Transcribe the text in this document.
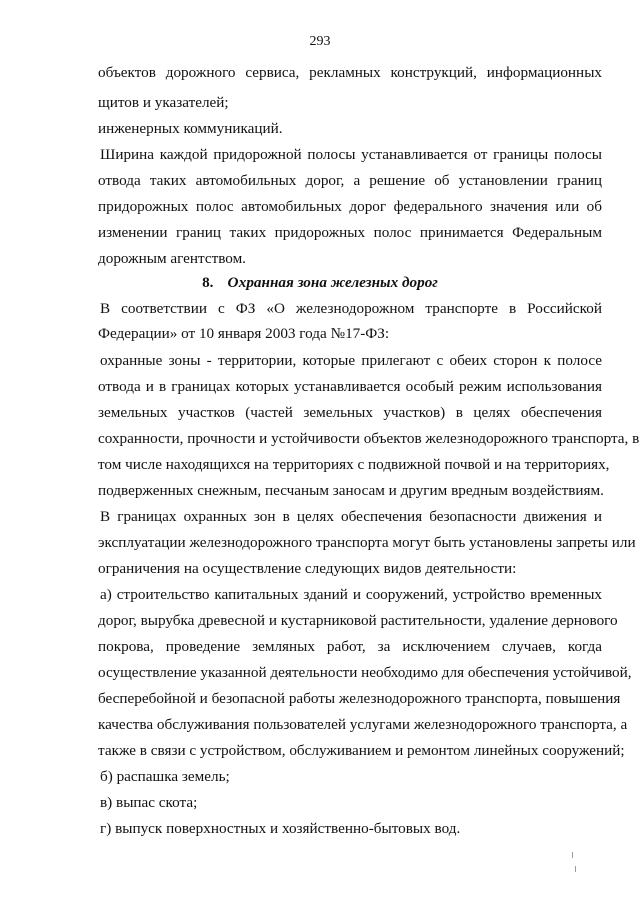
293
объектов дорожного сервиса, рекламных конструкций, информационных
щитов и указателей;
инженерных коммуникаций.
Ширина каждой придорожной полосы устанавливается от границы полосы
отвода таких автомобильных дорог, а решение об установлении границ
придорожных полос автомобильных дорог федерального значения или об
изменении границ таких придорожных полос принимается Федеральным
дорожным агентством.
8. Охранная зона железных дорог
В соответствии с ФЗ «О железнодорожном транспорте в Российской
Федерации» от 10 января 2003 года №17-ФЗ:
охранные зоны - территории, которые прилегают с обеих сторон к полосе
отвода и в границах которых устанавливается особый режим использования
земельных участков (частей земельных участков) в целях обеспечения
сохранности, прочности и устойчивости объектов железнодорожного транспорта, в
том числе находящихся на территориях с подвижной почвой и на территориях,
подверженных снежным, песчаным заносам и другим вредным воздействиям.
В границах охранных зон в целях обеспечения безопасности движения и
эксплуатации железнодорожного транспорта могут быть установлены запреты или
ограничения на осуществление следующих видов деятельности:
а) строительство капитальных зданий и сооружений, устройство временных
дорог, вырубка древесной и кустарниковой растительности, удаление дернового
покрова, проведение земляных работ, за исключением случаев, когда
осуществление указанной деятельности необходимо для обеспечения устойчивой,
бесперебойной и безопасной работы железнодорожного транспорта, повышения
качества обслуживания пользователей услугами железнодорожного транспорта, а
также в связи с устройством, обслуживанием и ремонтом линейных сооружений;
б) распашка земель;
в) выпас скота;
г) выпуск поверхностных и хозяйственно-бытовых вод.
